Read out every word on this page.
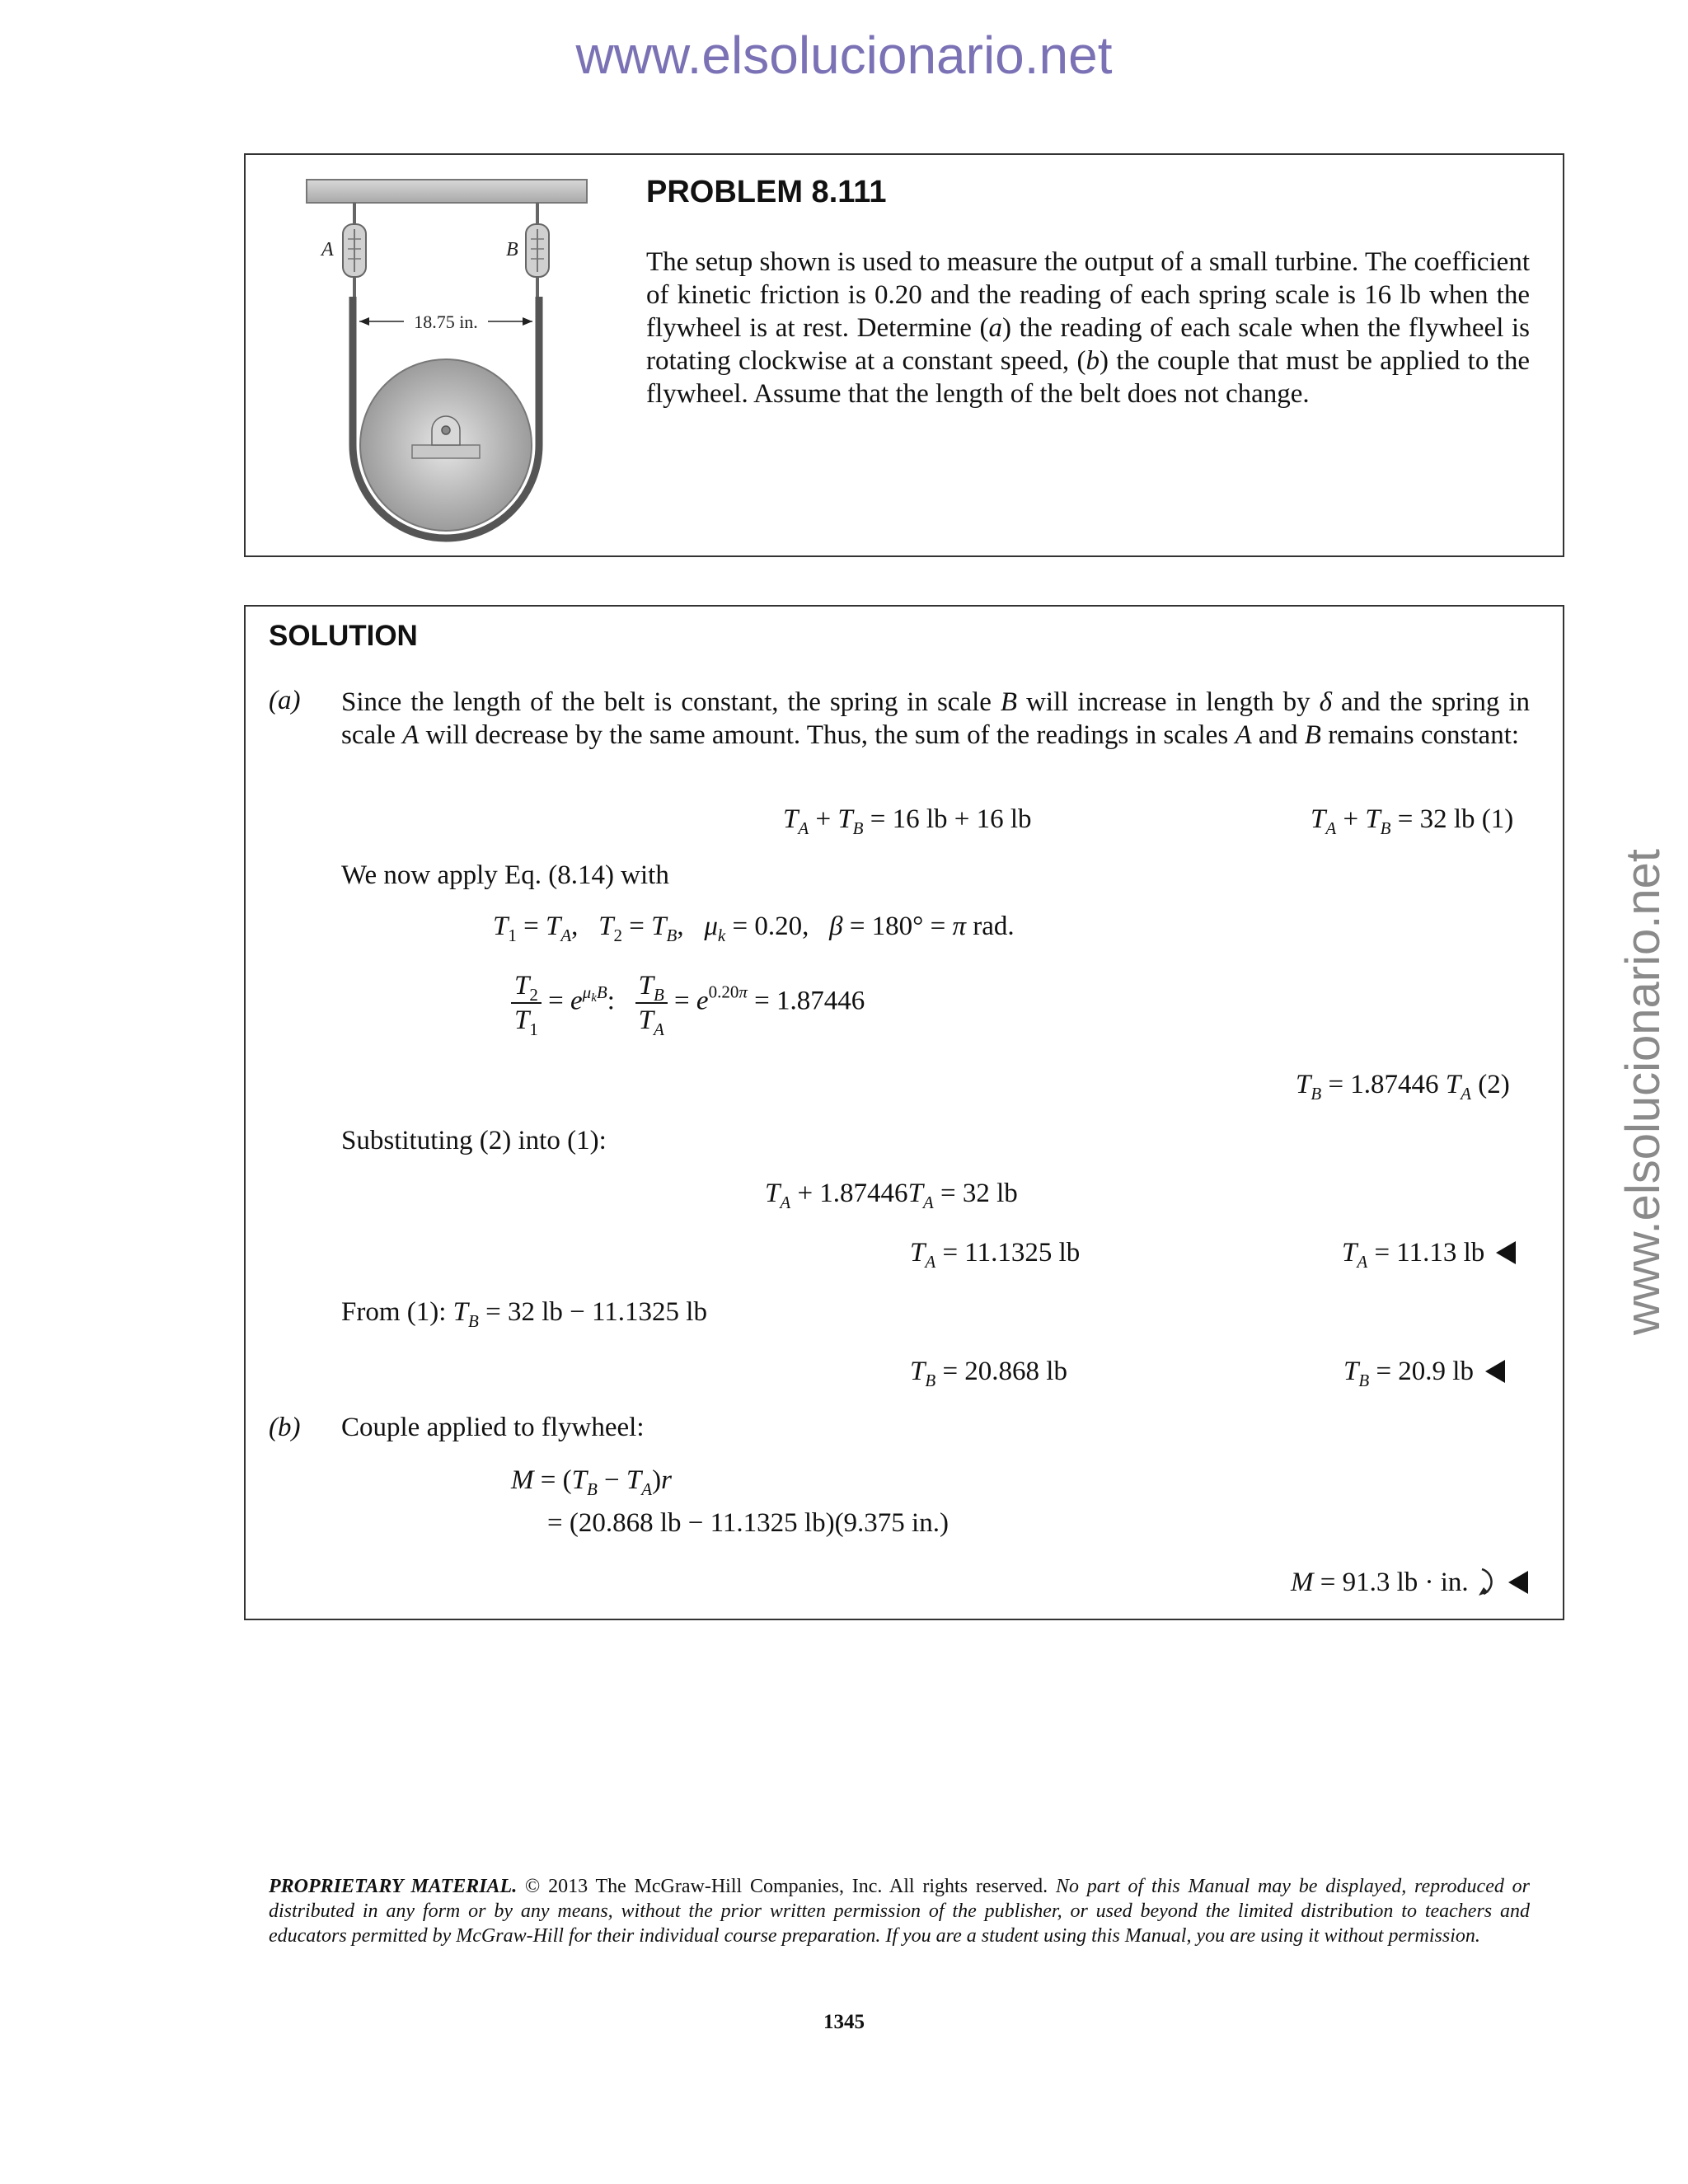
www.elsolucionario.net
www.elsolucionario.net
A	B
18.75 in.
PROBLEM 8.111
The setup shown is used to measure the output of a small turbine. The coefficient of kinetic friction is 0.20 and the reading of each spring scale is 16 lb when the flywheel is at rest. Determine (a) the reading of each scale when the flywheel is rotating clockwise at a constant speed, (b) the couple that must be applied to the flywheel. Assume that the length of the belt does not change.
SOLUTION
(a) Since the length of the belt is constant, the spring in scale B will increase in length by δ and the spring in scale A will decrease by the same amount. Thus, the sum of the readings in scales A and B remains constant:
$T_A + T_B = 16$ lb + 16 lb	$T_A + T_B = 32$ lb (1)
We now apply Eq. (8.14) with
$T_1 = T_A$,   $T_2 = T_B$,   $\mu_k = 0.20$,   β = 180° = π rad.
$\frac{T_2}{T_1} = e^{\mu_kB}$: $\frac{T_B}{T_A} = e^{0.20\pi} = 1.87446$
$T_B = 1.87446$ $T_A$ (2)
Substituting (2) into (1):
$T_A + 1.87446T_A = 32$ lb
$T_A = 11.1325$ lb	$T_A = 11.13$ lb
From (1): $T_B = 32$ lb − 11.1325 lb
$T_B = 20.868$ lb	$T_B = 20.9$ lb
(b) Couple applied to flywheel:
$M = (T_B - T_A)r$
= (20.868 lb − 11.1325 lb)(9.375 in.)
M = 91.3 lb · in.
PROPRIETARY MATERIAL. © 2013 The McGraw-Hill Companies, Inc. All rights reserved. No part of this Manual may be displayed, reproduced or distributed in any form or by any means, without the prior written permission of the publisher, or used beyond the limited distribution to teachers and educators permitted by McGraw-Hill for their individual course preparation. If you are a student using this Manual, you are using it without permission.
1345
